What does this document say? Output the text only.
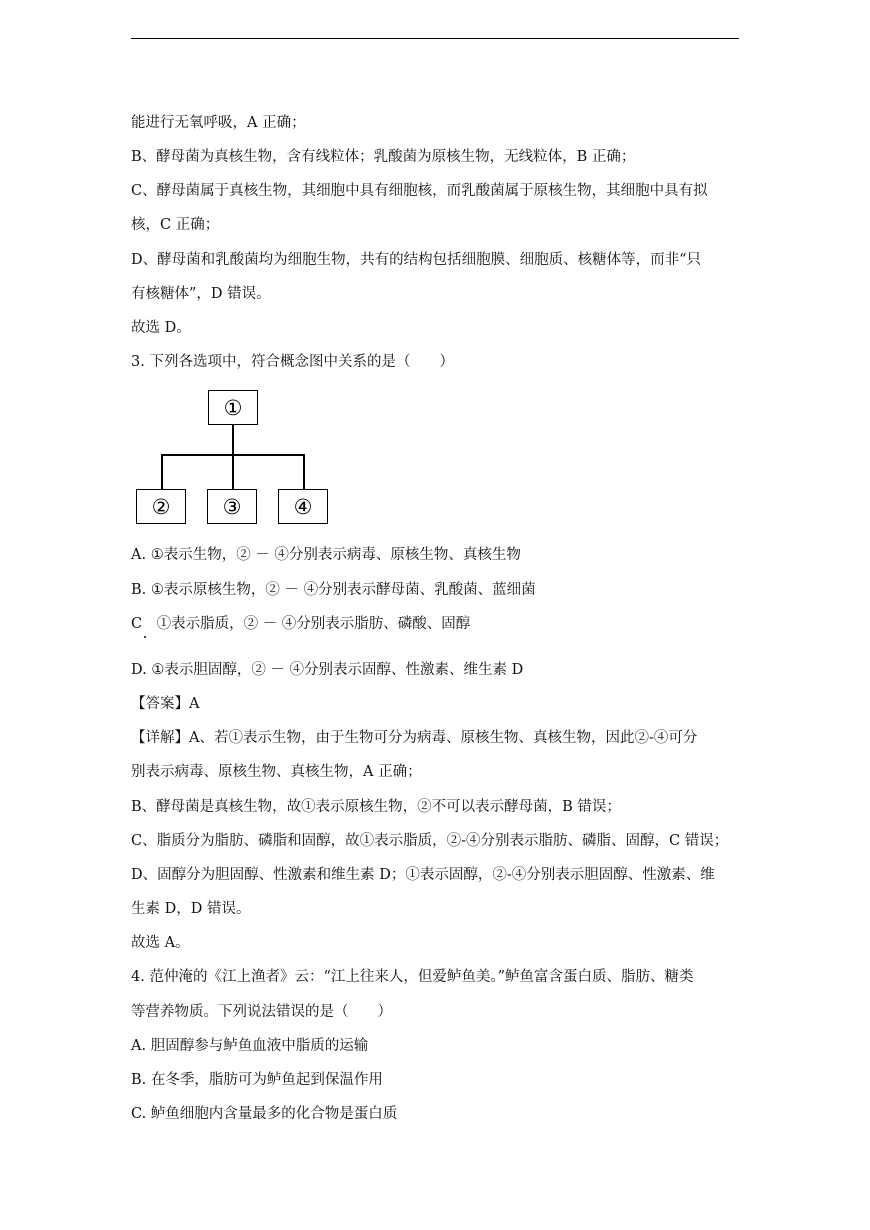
能进行无氧呼吸，A 正确；
B、酵母菌为真核生物，含有线粒体；乳酸菌为原核生物，无线粒体，B 正确；
C、酵母菌属于真核生物，其细胞中具有细胞核，而乳酸菌属于原核生物，其细胞中具有拟
核，C 正确；
D、酵母菌和乳酸菌均为细胞生物，共有的结构包括细胞膜、细胞质、核糖体等，而非“只
有核糖体”，D 错误。
故选 D。
3. 下列各选项中，符合概念图中关系的是（　　）
①
②	③	④
A. ①表示生物，② － ④分别表示病毒、原核生物、真核生物
B. ①表示原核生物，② － ④分别表示酵母菌、乳酸菌、蓝细菌
C　①表示脂质，② － ④分别表示脂肪、磷酸、固醇
D. ①表示胆固醇，② － ④分别表示固醇、性激素、维生素 D
【答案】A
【详解】A、若①表示生物，由于生物可分为病毒、原核生物、真核生物，因此②-④可分
别表示病毒、原核生物、真核生物，A 正确；
B、酵母菌是真核生物，故①表示原核生物，②不可以表示酵母菌，B 错误；
C、脂质分为脂肪、磷脂和固醇，故①表示脂质，②-④分别表示脂肪、磷脂、固醇，C 错误；
D、固醇分为胆固醇、性激素和维生素 D；①表示固醇，②-④分别表示胆固醇、性激素、维
生素 D，D 错误。
故选 A。
4. 范仲淹的《江上渔者》云：“江上往来人，但爱鲈鱼美。”鲈鱼富含蛋白质、脂肪、糖类
等营养物质。下列说法错误的是（　　）
A. 胆固醇参与鲈鱼血液中脂质的运输
B. 在冬季，脂肪可为鲈鱼起到保温作用
C. 鲈鱼细胞内含量最多的化合物是蛋白质
